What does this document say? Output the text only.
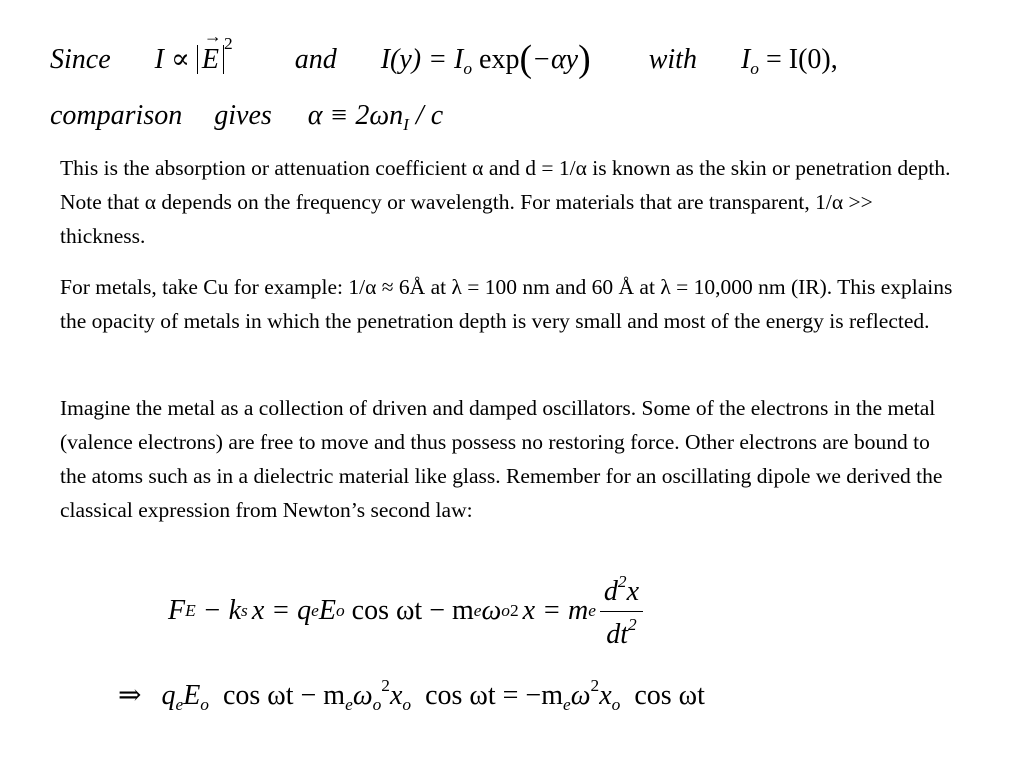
Since I ∝ → $E^2$  and $I(y) = I_o$ exp(−αy) with $I_o = I(0)$,
comparison gives $\alpha \equiv 2\omega n_I / c$

This is the absorption or attenuation coefficient α and d = 1/α is known as the skin or penetration depth. Note that α depends on the frequency or wavelength. For materials that are transparent, 1/α >> thickness.

For metals, take Cu for example: 1/α ≈ 6Å at λ = 100 nm and 60 Å at λ = 10,000 nm (IR). This explains the opacity of metals in which the penetration depth is very small and most of the energy is reflected.

Imagine the metal as a collection of driven and damped oscillators. Some of the electrons in the metal (valence electrons) are free to move and thus possess no restoring force. Other electrons are bound to the atoms such as in a dielectric material like glass. Remember for an oscillating dipole we derived the classical expression from Newton’s second law:

F E − k s x = q e E o cos ωt − m e ω o 2 x = m e $\frac{d^2x}{dt^2}$
⇒ $q_eE_o$  $\cos \omega t - m_e\omega_o^2x_o$  $\cos \omega t = -m_e\omega^2x_o$  cos ωt
